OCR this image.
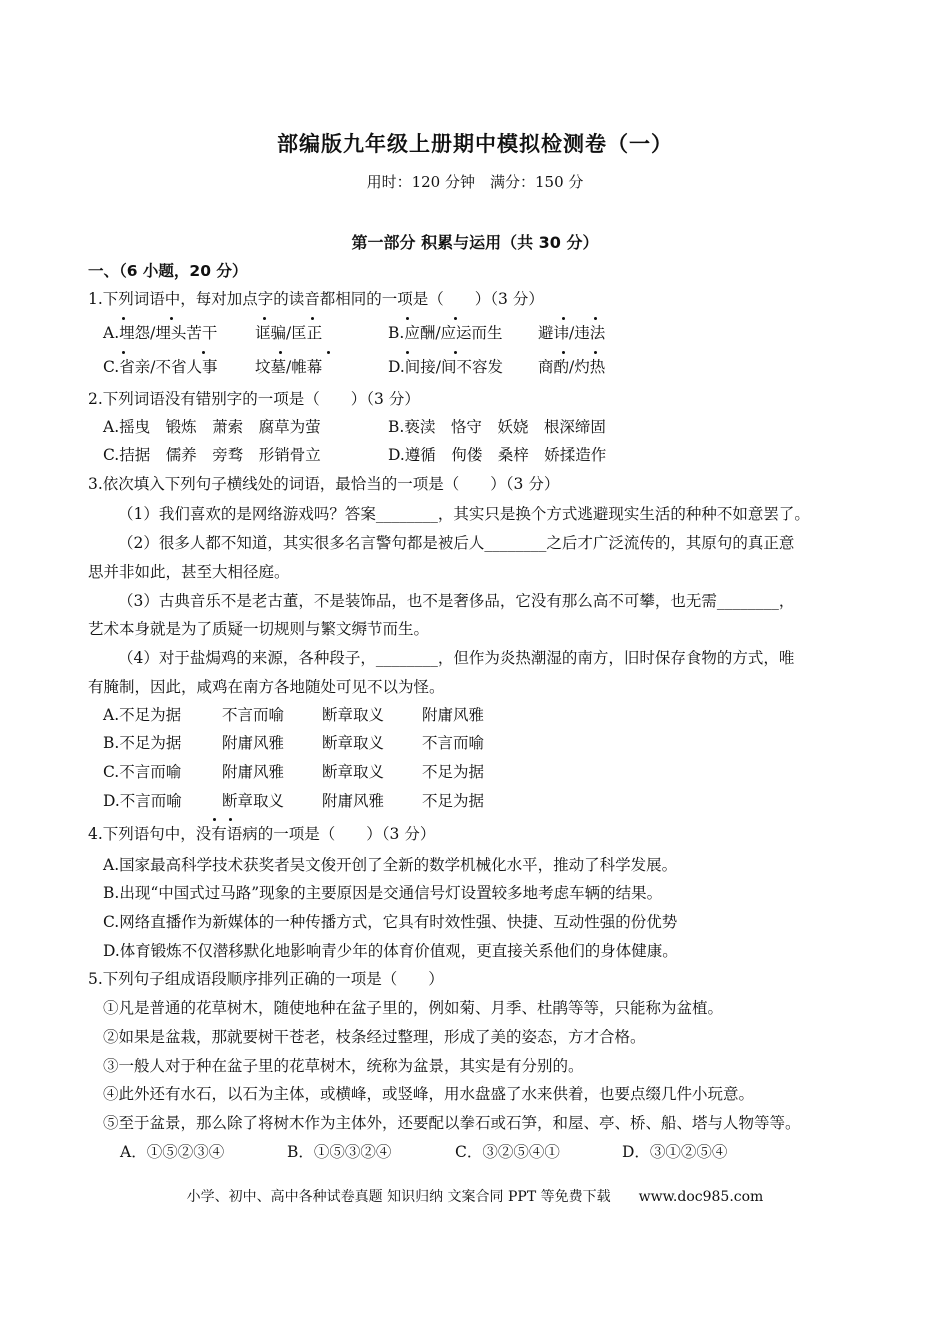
部编版九年级上册期中模拟检测卷（一）
用时：120 分钟　满分：150 分
第一部分 积累与运用（共 30 分）
一、（6 小题，20 分）
1.下列词语中，每对加点字的读音都相同的一项是（　　）（3 分）
A.埋怨/埋头苦干 诓骗/匡正	B.应酬/应运而生 避讳/违法
C.省亲/不省人事 坟墓/帷幕	D.间接/间不容发 商酌/灼热
2.下列词语没有错别字的一项是（　　）（3 分）
A.摇曳　锻炼　萧索　腐草为萤	B.亵渎　恪守　妖娆　根深缔固
C.拮据　儒养　旁骛　形销骨立	D.遵循　佝偻　桑梓　娇揉造作
3.依次填入下列句子横线处的词语，最恰当的一项是（　　）（3 分）
（1）我们喜欢的是网络游戏吗？答案________，其实只是换个方式逃避现实生活的种种不如意罢了。
（2）很多人都不知道，其实很多名言警句都是被后人________之后才广泛流传的，其原句的真正意
思并非如此，甚至大相径庭。
（3）古典音乐不是老古董，不是装饰品，也不是奢侈品，它没有那么高不可攀，也无需________，
艺术本身就是为了质疑一切规则与繁文缛节而生。
（4）对于盐焗鸡的来源，各种段子，________，但作为炎热潮湿的南方，旧时保存食物的方式，唯
有腌制，因此，咸鸡在南方各地随处可见不以为怪。
A.不足为据	不言而喻 断章取义 附庸风雅
B.不足为据	附庸风雅 断章取义 不言而喻
C.不言而喻	附庸风雅 断章取义 不足为据
D.不言而喻	断章取义 附庸风雅 不足为据
4.下列语句中，没有语病的一项是（　　）（3 分）
A.国家最高科学技术获奖者吴文俊开创了全新的数学机械化水平，推动了科学发展。
B.出现“中国式过马路”现象的主要原因是交通信号灯设置较多地考虑车辆的结果。
C.网络直播作为新媒体的一种传播方式，它具有时效性强、快捷、互动性强的份优势
D.体育锻炼不仅潜移默化地影响青少年的体育价值观，更直接关系他们的身体健康。
5.下列句子组成语段顺序排列正确的一项是（　　）
①凡是普通的花草树木，随使地种在盆子里的，例如菊、月季、杜鹃等等，只能称为盆植。
②如果是盆栽，那就要树干苍老，枝条经过整理，形成了美的姿态，方才合格。
③一般人对于种在盆子里的花草树木，统称为盆景，其实是有分别的。
④此外还有水石，以石为主体，或横峰，或竖峰，用水盘盛了水来供着，也要点缀几件小玩意。
⑤至于盆景，那么除了将树木作为主体外，还要配以拳石或石笋，和屋、亭、桥、船、塔与人物等等。
A．①⑤②③④	B．①⑤③②④	C．③②⑤④①	D．③①②⑤④
小学、初中、高中各种试卷真题 知识归纳 文案合同 PPT 等免费下载　　www.doc985.com
